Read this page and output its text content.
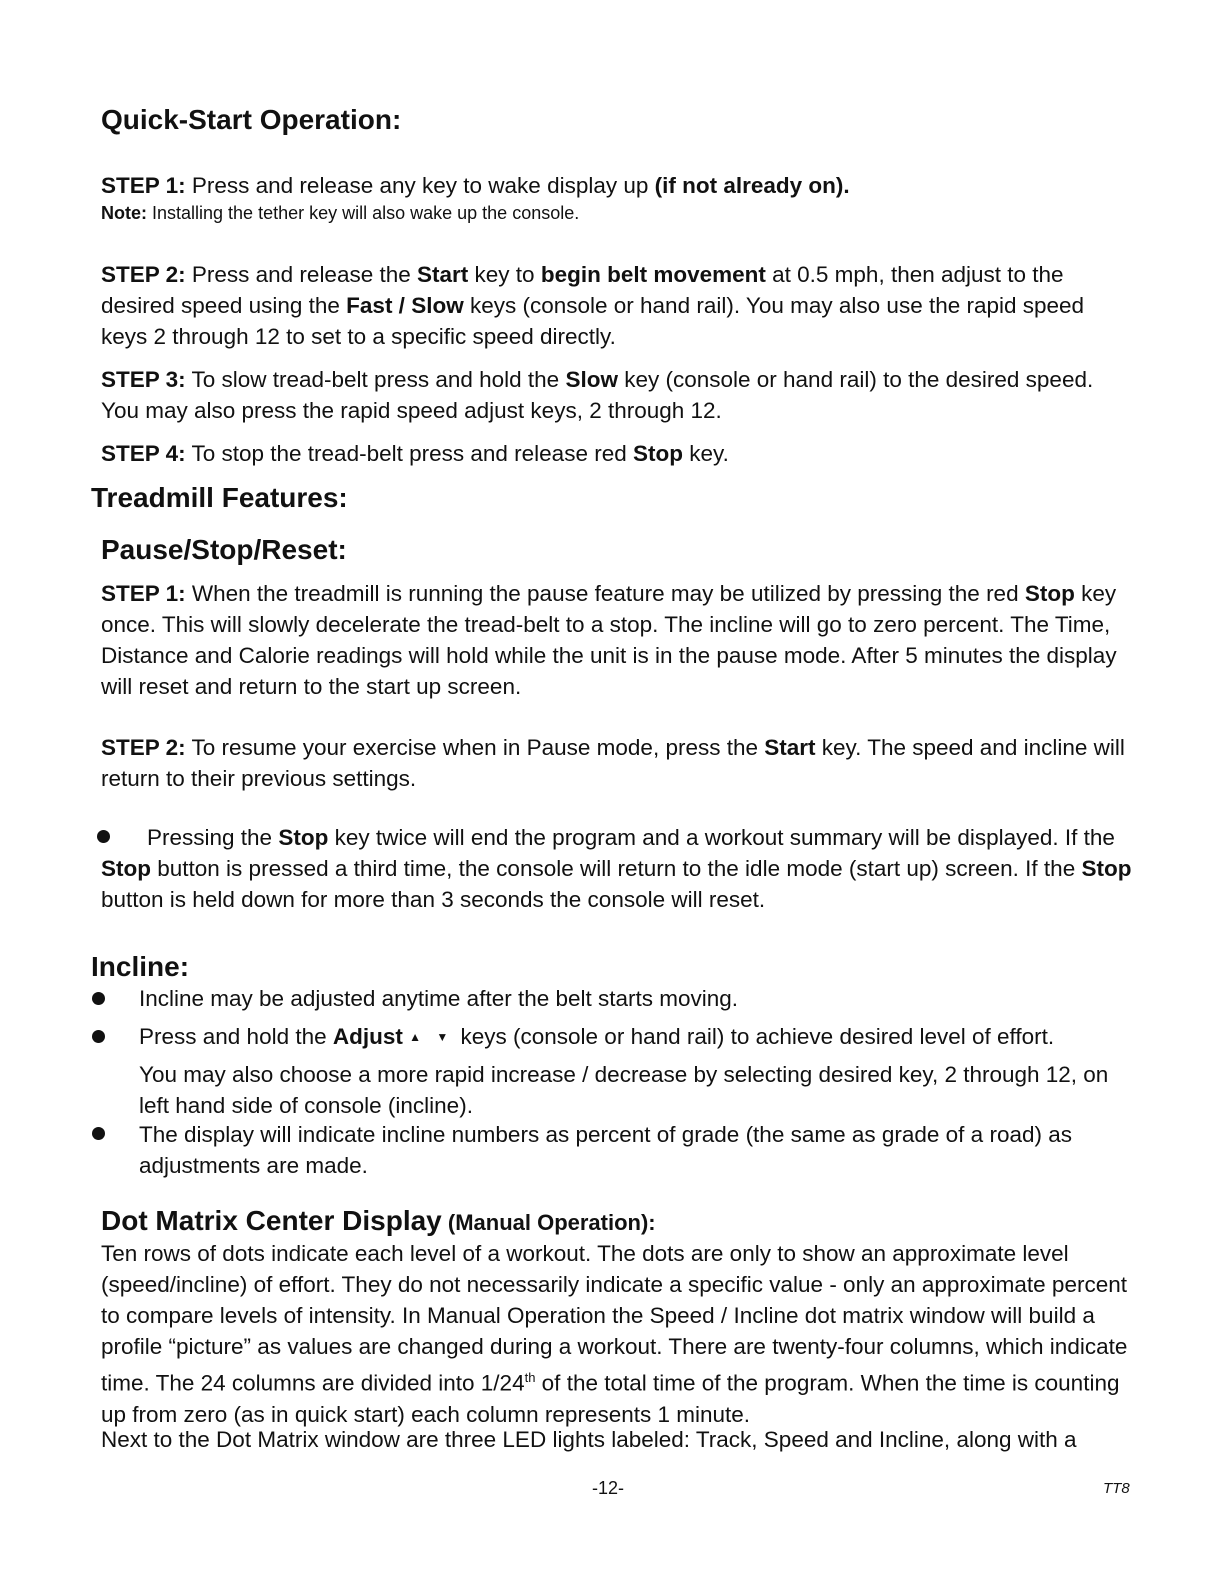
Quick-Start Operation:
STEP 1: Press and release any key to wake display up (if not already on).
Note: Installing the tether key will also wake up the console.
STEP 2: Press and release the Start key to begin belt movement at 0.5 mph, then adjust to the desired speed using the Fast / Slow keys (console or hand rail). You may also use the rapid speed keys 2 through 12 to set to a specific speed directly.
STEP 3: To slow tread-belt press and hold the Slow key (console or hand rail) to the desired speed. You may also press the rapid speed adjust keys, 2 through 12.
STEP 4: To stop the tread-belt press and release red Stop key.
Treadmill Features:
Pause/Stop/Reset:
STEP 1: When the treadmill is running the pause feature may be utilized by pressing the red Stop key once. This will slowly decelerate the tread-belt to a stop. The incline will go to zero percent. The Time, Distance and Calorie readings will hold while the unit is in the pause mode. After 5 minutes the display will reset and return to the start up screen.
STEP 2: To resume your exercise when in Pause mode, press the Start key. The speed and incline will return to their previous settings.
Pressing the Stop key twice will end the program and a workout summary will be displayed. If the Stop button is pressed a third time, the console will return to the idle mode (start up) screen. If the Stop button is held down for more than 3 seconds the console will reset.
Incline:
Incline may be adjusted anytime after the belt starts moving.
Press and hold the Adjust ▲ ▼ keys (console or hand rail) to achieve desired level of effort.
You may also choose a more rapid increase / decrease by selecting desired key, 2 through 12, on left hand side of console (incline).
The display will indicate incline numbers as percent of grade (the same as grade of a road) as adjustments are made.
Dot Matrix Center Display (Manual Operation):
Ten rows of dots indicate each level of a workout. The dots are only to show an approximate level (speed/incline) of effort. They do not necessarily indicate a specific value - only an approximate percent to compare levels of intensity. In Manual Operation the Speed / Incline dot matrix window will build a profile “picture” as values are changed during a workout. There are twenty-four columns, which indicate time. The 24 columns are divided into 1/24th of the total time of the program. When the time is counting up from zero (as in quick start) each column represents 1 minute.
Next to the Dot Matrix window are three LED lights labeled: Track, Speed and Incline, along with a
-12-	TT8
